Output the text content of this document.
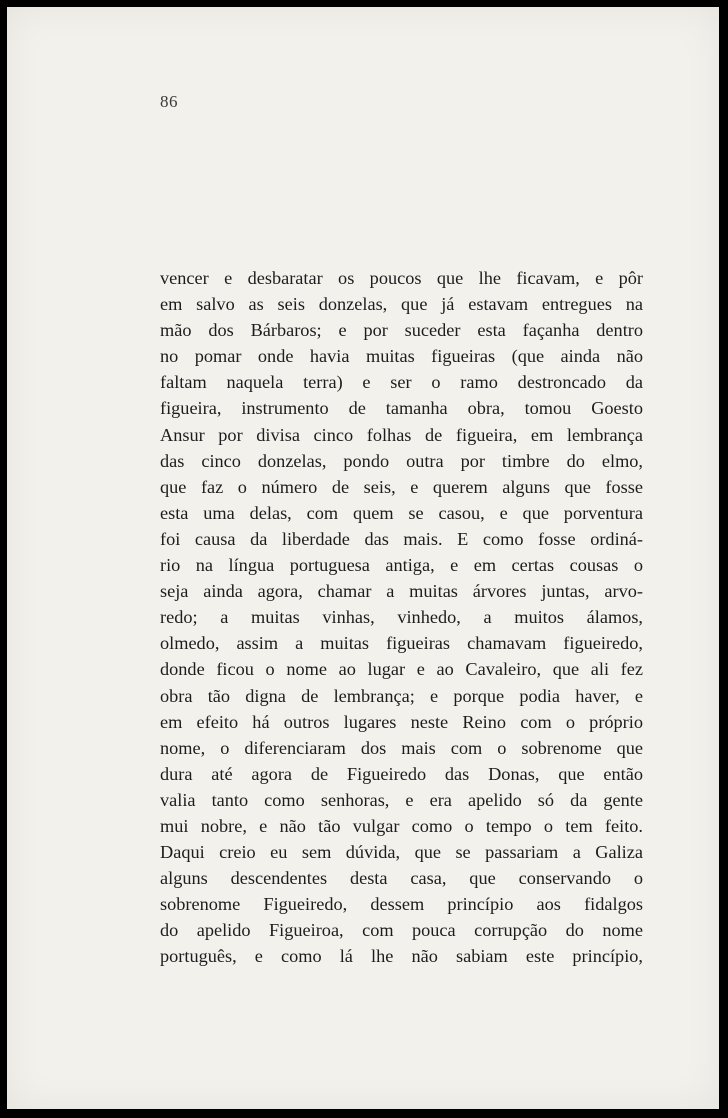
86
vencer e desbaratar os poucos que lhe ficavam, e pôr
em salvo as seis donzelas, que já estavam entregues na
mão dos Bárbaros; e por suceder esta façanha dentro
no pomar onde havia muitas figueiras (que ainda não
faltam naquela terra) e ser o ramo destroncado da
figueira, instrumento de tamanha obra, tomou Goesto
Ansur por divisa cinco folhas de figueira, em lembrança
das cinco donzelas, pondo outra por timbre do elmo,
que faz o número de seis, e querem alguns que fosse
esta uma delas, com quem se casou, e que porventura
foi causa da liberdade das mais. E como fosse ordiná-
rio na língua portuguesa antiga, e em certas cousas o
seja ainda agora, chamar a muitas árvores juntas, arvo-
redo; a muitas vinhas, vinhedo, a muitos álamos,
olmedo, assim a muitas figueiras chamavam figueiredo,
donde ficou o nome ao lugar e ao Cavaleiro, que ali fez
obra tão digna de lembrança; e porque podia haver, e
em efeito há outros lugares neste Reino com o próprio
nome, o diferenciaram dos mais com o sobrenome que
dura até agora de Figueiredo das Donas, que então
valia tanto como senhoras, e era apelido só da gente
mui nobre, e não tão vulgar como o tempo o tem feito.
Daqui creio eu sem dúvida, que se passariam a Galiza
alguns descendentes desta casa, que conservando o
sobrenome Figueiredo, dessem princípio aos fidalgos
do apelido Figueiroa, com pouca corrupção do nome
português, e como lá lhe não sabiam este princípio,
